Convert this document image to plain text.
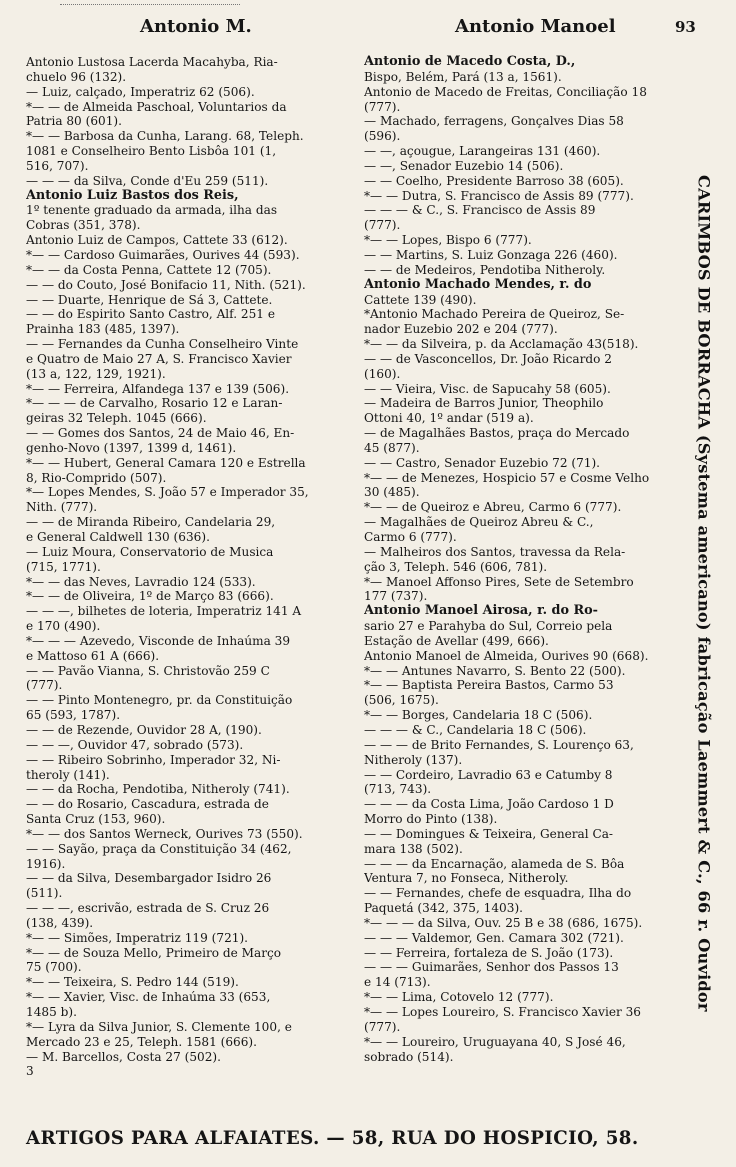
Antonio M.	Antonio Manoel	93
Antonio Lustosa Lacerda Macahyba, Ria-
chuelo 96 (132).
— Luiz, calçado, Imperatriz 62 (506).
*— — de Almeida Paschoal, Voluntarios da
Patria 80 (601).
*— — Barbosa da Cunha, Larang. 68, Teleph.
1081 e Conselheiro Bento Lisbôa 101 (1,
516, 707).
— — — da Silva, Conde d'Eu 259 (511).
Antonio Luiz Bastos dos Reis,
1º tenente graduado da armada, ilha das
Cobras (351, 378).
Antonio Luiz de Campos, Cattete 33 (612).
*— — Cardoso Guimarães, Ourives 44 (593).
*— — da Costa Penna, Cattete 12 (705).
— — do Couto, José Bonifacio 11, Nith. (521).
— — Duarte, Henrique de Sá 3, Cattete.
— — do Espirito Santo Castro, Alf. 251 e
Prainha 183 (485, 1397).
— — Fernandes da Cunha Conselheiro Vinte
e Quatro de Maio 27 A, S. Francisco Xavier
(13 a, 122, 129, 1921).
*— — Ferreira, Alfandega 137 e 139 (506).
*— — — de Carvalho, Rosario 12 e Laran-
geiras 32 Teleph. 1045 (666).
— — Gomes dos Santos, 24 de Maio 46, En-
genho-Novo (1397, 1399 d, 1461).
*— — Hubert, General Camara 120 e Estrella
8, Rio-Comprido (507).
*— Lopes Mendes, S. João 57 e Imperador 35,
Nith. (777).
— — de Miranda Ribeiro, Candelaria 29,
e General Caldwell 130 (636).
— Luiz Moura, Conservatorio de Musica
(715, 1771).
*— — das Neves, Lavradio 124 (533).
*— — de Oliveira, 1º de Março 83 (666).
— — —, bilhetes de loteria, Imperatriz 141 A
e 170 (490).
*— — — Azevedo, Visconde de Inhaúma 39
e Mattoso 61 A (666).
— — Pavão Vianna, S. Christovão 259 C
(777).
— — Pinto Montenegro, pr. da Constituição
65 (593, 1787).
— — de Rezende, Ouvidor 28 A, (190).
— — —, Ouvidor 47, sobrado (573).
— — Ribeiro Sobrinho, Imperador 32, Ni-
theroly (141).
— — da Rocha, Pendotiba, Nitheroly (741).
— — do Rosario, Cascadura, estrada de
Santa Cruz (153, 960).
*— — dos Santos Werneck, Ourives 73 (550).
— — Sayão, praça da Constituição 34 (462,
1916).
— — da Silva, Desembargador Isidro 26
(511).
— — —, escrivão, estrada de S. Cruz 26
(138, 439).
*— — Simões, Imperatriz 119 (721).
*— — de Souza Mello, Primeiro de Março
75 (700).
*— — Teixeira, S. Pedro 144 (519).
*— — Xavier, Visc. de Inhaúma 33 (653,
1485 b).
*— Lyra da Silva Junior, S. Clemente 100, e
Mercado 23 e 25, Teleph. 1581 (666).
— M. Barcellos, Costa 27 (502).
3
Antonio de Macedo Costa, D.,
Bispo, Belém, Pará (13 a, 1561).
Antonio de Macedo de Freitas, Conciliação 18
(777).
— Machado, ferragens, Gonçalves Dias 58
(596).
— —, açougue, Larangeiras 131 (460).
— —, Senador Euzebio 14 (506).
— — Coelho, Presidente Barroso 38 (605).
*— — Dutra, S. Francisco de Assis 89 (777).
— — — & C., S. Francisco de Assis 89
(777).
*— — Lopes, Bispo 6 (777).
— — Martins, S. Luiz Gonzaga 226 (460).
— — de Medeiros, Pendotiba Nitheroly.
Antonio Machado Mendes, r. do
Cattete 139 (490).
*Antonio Machado Pereira de Queiroz, Se-
nador Euzebio 202 e 204 (777).
*— — da Silveira, p. da Acclamação 43(518).
— — de Vasconcellos, Dr. João Ricardo 2
(160).
— — Vieira, Visc. de Sapucahy 58 (605).
— Madeira de Barros Junior, Theophilo
Ottoni 40, 1º andar (519 a).
— de Magalhães Bastos, praça do Mercado
45 (877).
— — Castro, Senador Euzebio 72 (71).
*— — de Menezes, Hospicio 57 e Cosme Velho
30 (485).
*— — de Queiroz e Abreu, Carmo 6 (777).
— Magalhães de Queiroz Abreu & C.,
Carmo 6 (777).
— Malheiros dos Santos, travessa da Rela-
ção 3, Teleph. 546 (606, 781).
*— Manoel Affonso Pires, Sete de Setembro
177 (737).
Antonio Manoel Airosa, r. do Ro-
sario 27 e Parahyba do Sul, Correio pela
Estação de Avellar (499, 666).
Antonio Manoel de Almeida, Ourives 90 (668).
*— — Antunes Navarro, S. Bento 22 (500).
*— — Baptista Pereira Bastos, Carmo 53
(506, 1675).
*— — Borges, Candelaria 18 C (506).
— — — & C., Candelaria 18 C (506).
— — — de Brito Fernandes, S. Lourenço 63,
Nitheroly (137).
— — Cordeiro, Lavradio 63 e Catumby 8
(713, 743).
— — — da Costa Lima, João Cardoso 1 D
Morro do Pinto (138).
— — Domingues & Teixeira, General Ca-
mara 138 (502).
— — — da Encarnação, alameda de S. Bôa
Ventura 7, no Fonseca, Nitheroly.
— — Fernandes, chefe de esquadra, Ilha do
Paquetá (342, 375, 1403).
*— — — da Silva, Ouv. 25 B e 38 (686, 1675).
— — — Valdemor, Gen. Camara 302 (721).
— — Ferreira, fortaleza de S. João (173).
— — — Guimarães, Senhor dos Passos 13
e 14 (713).
*— — Lima, Cotovelo 12 (777).
*— — Lopes Loureiro, S. Francisco Xavier 36
(777).
*— — Loureiro, Uruguayana 40, S José 46,
sobrado (514).
CARIMBOS DE BORRACHA (Systema americano) fabricação Laemmert & C., 66 r. Ouvidor
ARTIGOS PARA ALFAIATES. — 58, RUA DO HOSPICIO, 58.
